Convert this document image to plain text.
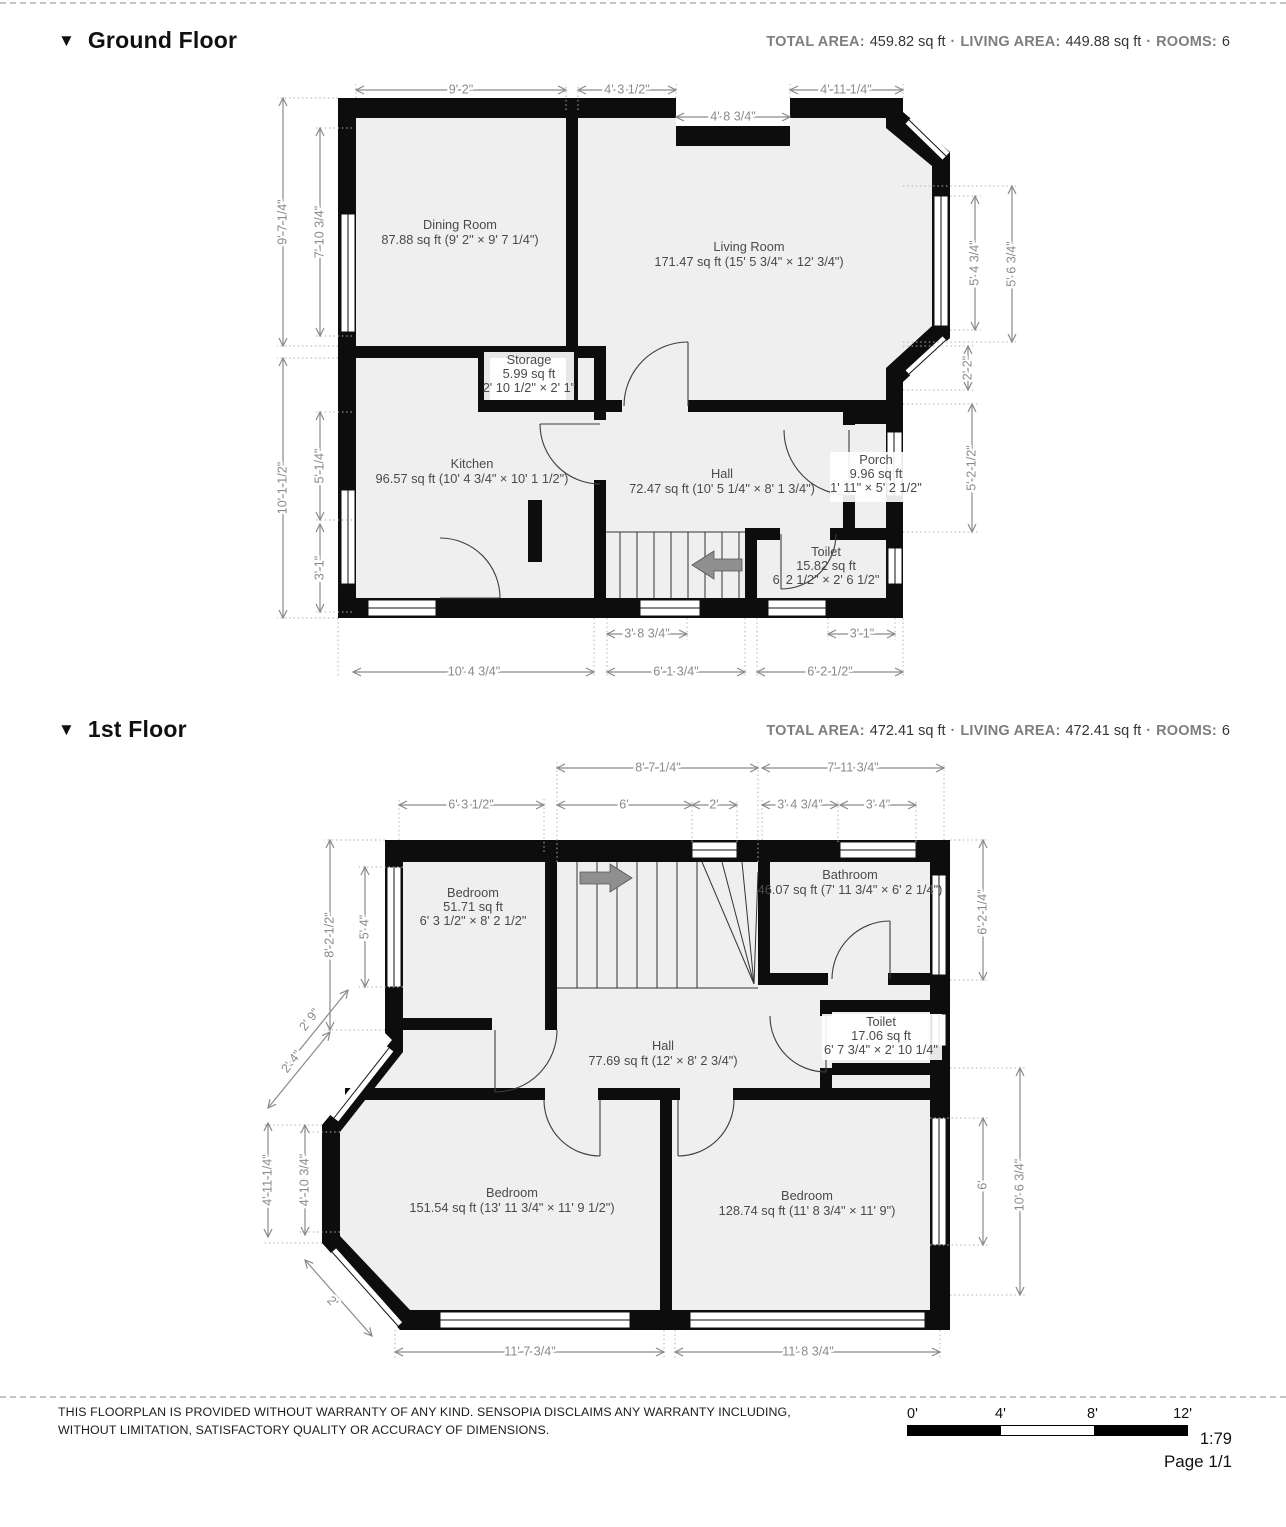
Dining Room
87.88 sq ft (9' 2" × 9' 7 1/4")	Living Room
171.47 sq ft (15' 5 3/4" × 12' 3/4")
Storage
5.99 sq ft
2' 10 1/2" × 2' 1"
Kitchen
96.57 sq ft (10' 4 3/4" × 10' 1 1/2")	Hall
72.47 sq ft (10' 5 1/4" × 8' 1 3/4")
Porch
9.96 sq ft
1' 11" × 5' 2 1/2"
Toilet
15.82 sq ft
6' 2 1/2" × 2' 6 1/2"
9' 2"	4' 3 1/2"	4' 11 1/4"
4' 8 3/4"
9' 7 1/4" 7' 10 3/4"
10' 1 1/2" 5' 1/4"
3' 1"
5' 4 3/4" 5' 6 3/4"
2' 2"
5' 2 1/2"
3' 8 3/4"	3' 1"
10' 4 3/4"	6' 1 3/4"	6' 2 1/2"
Bedroom
51.71 sq ft
6' 3 1/2" × 8' 2 1/2"
Bathroom
46.07 sq ft (7' 11 3/4" × 6' 2 1/4")
Hall
77.69 sq ft (12' × 8' 2 3/4")
Toilet
17.06 sq ft
6' 7 3/4" × 2' 10 1/4"
Bedroom
151.54 sq ft (13' 11 3/4" × 11' 9 1/2")
Bedroom
128.74 sq ft (11' 8 3/4" × 11' 9")
8' 7 1/4"	7' 11 3/4"
6' 3 1/2"	6'	2'	3' 4 3/4"	3' 4"
8' 2 1/2" 5' 4"
2' 9"
2' 4"
4' 11 1/4" 4' 10 3/4"
2'
6' 2 1/4"
6' 10' 6 3/4"
11' 7 3/4"	11' 8 3/4"
▼ Ground Floor	TOTAL AREA: 459.82 sq ft · LIVING AREA: 449.88 sq ft · ROOMS: 6
▼ 1st Floor	TOTAL AREA: 472.41 sq ft · LIVING AREA: 472.41 sq ft · ROOMS: 6
THIS FLOORPLAN IS PROVIDED WITHOUT WARRANTY OF ANY KIND. SENSOPIA DISCLAIMS ANY WARRANTY INCLUDING,
WITHOUT LIMITATION, SATISFACTORY QUALITY OR ACCURACY OF DIMENSIONS.
0'	4'	8'	12'
1:79
Page 1/1
